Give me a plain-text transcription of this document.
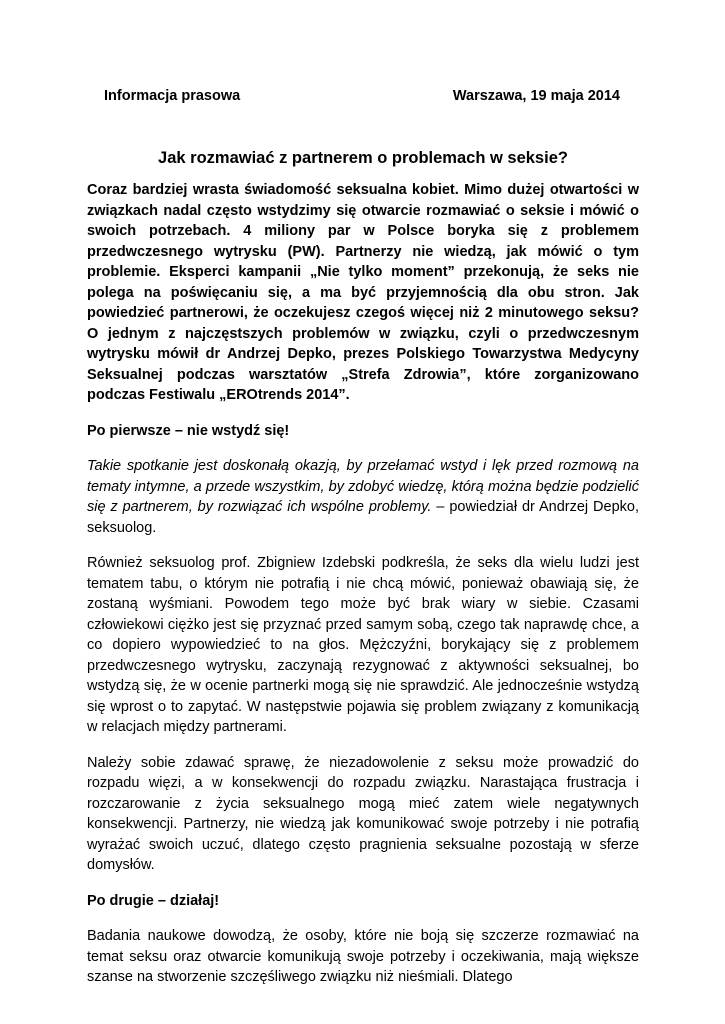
Informacja prasowa	Warszawa, 19 maja 2014
Jak rozmawiać z partnerem o problemach w seksie?

Coraz bardziej wrasta świadomość seksualna kobiet. Mimo dużej otwartości w związkach nadal często wstydzimy się otwarcie rozmawiać o seksie i mówić o swoich potrzebach. 4 miliony par w Polsce boryka się z problemem przedwczesnego wytrysku (PW). Partnerzy nie wiedzą, jak mówić o tym problemie. Eksperci kampanii „Nie tylko moment” przekonują, że seks nie polega na poświęcaniu się, a ma być przyjemnością dla obu stron. Jak powiedzieć partnerowi, że oczekujesz czegoś więcej niż 2 minutowego seksu? O jednym z najczęstszych problemów w związku, czyli o przedwczesnym wytrysku mówił dr Andrzej Depko, prezes Polskiego Towarzystwa Medycyny Seksualnej podczas warsztatów „Strefa Zdrowia”, które zorganizowano podczas Festiwalu „EROtrends 2014”.

Po pierwsze – nie wstydź się!

Takie spotkanie jest doskonałą okazją, by przełamać wstyd i lęk przed rozmową na tematy intymne, a przede wszystkim, by zdobyć wiedzę, którą można będzie podzielić się z partnerem, by rozwiązać ich wspólne problemy. – powiedział dr Andrzej Depko, seksuolog.

Również seksuolog prof. Zbigniew Izdebski podkreśla, że seks dla wielu ludzi jest tematem tabu, o którym nie potrafią i nie chcą mówić, ponieważ obawiają się, że zostaną wyśmiani. Powodem tego może być brak wiary w siebie. Czasami człowiekowi ciężko jest się przyznać przed samym sobą, czego tak naprawdę chce, a co dopiero wypowiedzieć to na głos. Mężczyźni, borykający się z problemem przedwczesnego wytrysku, zaczynają rezygnować z aktywności seksualnej, bo wstydzą się, że w ocenie partnerki mogą się nie sprawdzić. Ale jednocześnie wstydzą się wprost o to zapytać. W następstwie pojawia się problem związany z komunikacją w relacjach między partnerami.

Należy sobie zdawać sprawę, że niezadowolenie z seksu może prowadzić do rozpadu więzi, a w konsekwencji do rozpadu związku. Narastająca frustracja i rozczarowanie z życia seksualnego mogą mieć zatem wiele negatywnych konsekwencji. Partnerzy, nie wiedzą jak komunikować swoje potrzeby i nie potrafią wyrażać swoich uczuć, dlatego często pragnienia seksualne pozostają w sferze domysłów.

Po drugie – działaj!

Badania naukowe dowodzą, że osoby, które nie boją się szczerze rozmawiać na temat seksu oraz otwarcie komunikują swoje potrzeby i oczekiwania, mają większe szanse na stworzenie szczęśliwego związku niż nieśmiali. Dlatego
